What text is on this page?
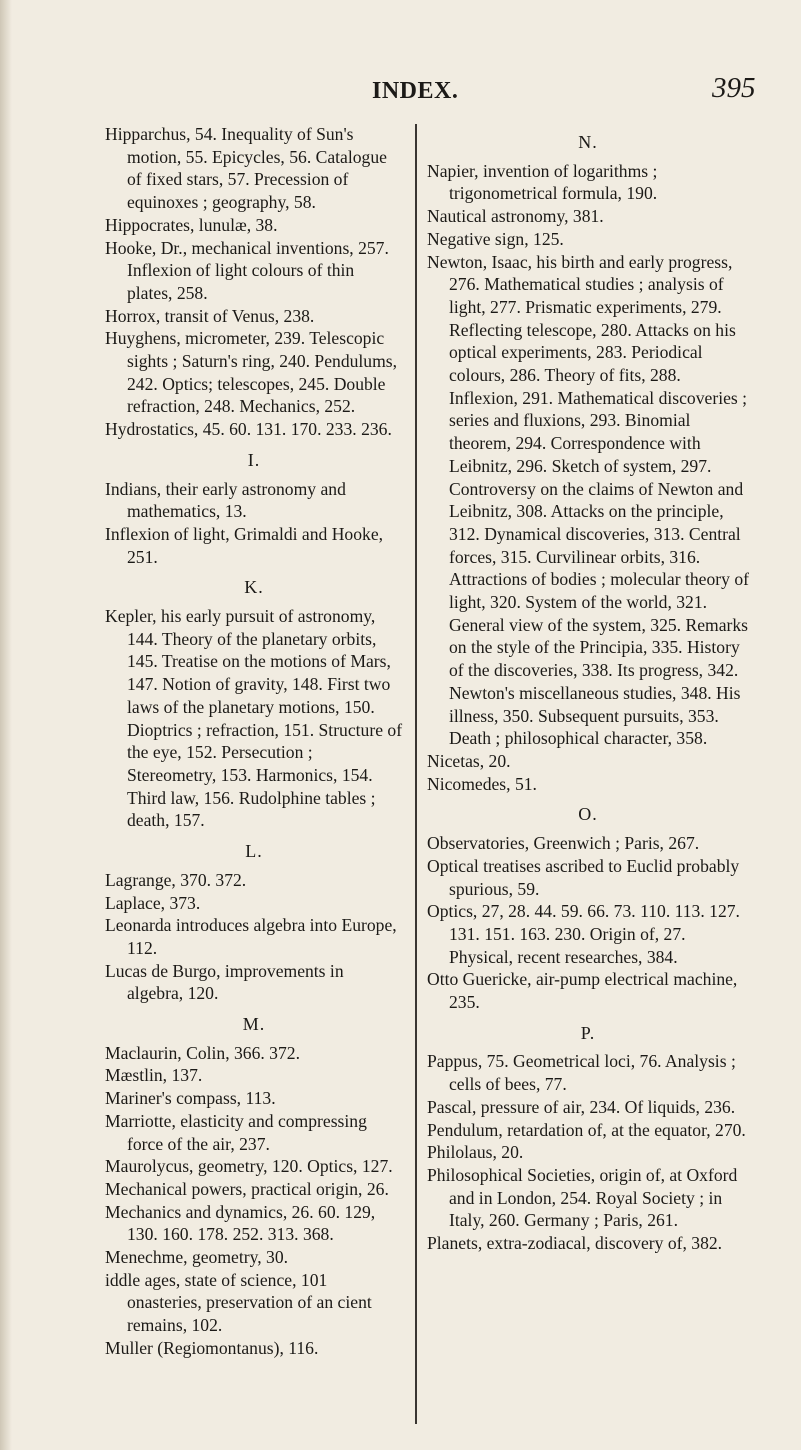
INDEX.	395

Hipparchus, 54. Inequality of Sun's motion, 55. Epicycles, 56. Catalogue of fixed stars, 57. Precession of equinoxes ; geography, 58.

Hippocrates, lunulæ, 38.

Hooke, Dr., mechanical inventions, 257. Inflexion of light colours of thin plates, 258.

Horrox, transit of Venus, 238.

Huyghens, micrometer, 239. Telescopic sights ; Saturn's ring, 240. Pendulums, 242. Optics; telescopes, 245. Double refraction, 248. Mechanics, 252.

Hydrostatics, 45. 60. 131. 170. 233. 236.

I.

Indians, their early astronomy and mathematics, 13.

Inflexion of light, Grimaldi and Hooke, 251.

K.

Kepler, his early pursuit of astronomy, 144. Theory of the planetary orbits, 145. Treatise on the motions of Mars, 147. Notion of gravity, 148. First two laws of the planetary motions, 150. Dioptrics ; refraction, 151. Structure of the eye, 152. Persecution ; Stereometry, 153. Harmonics, 154. Third law, 156. Rudolphine tables ; death, 157.

L.

Lagrange, 370. 372.

Laplace, 373.

Leonarda introduces algebra into Europe, 112.

Lucas de Burgo, improvements in algebra, 120.

M.

Maclaurin, Colin, 366. 372.

Mæstlin, 137.

Mariner's compass, 113.

Marriotte, elasticity and compressing force of the air, 237.

Maurolycus, geometry, 120. Optics, 127.

Mechanical powers, practical origin, 26.

Mechanics and dynamics, 26. 60. 129, 130. 160. 178. 252. 313. 368.

Menechme, geometry, 30.

iddle ages, state of science, 101 onasteries, preservation of an cient remains, 102.

Muller (Regiomontanus), 116.

N.

Napier, invention of logarithms ; trigonometrical formula, 190.

Nautical astronomy, 381.

Negative sign, 125.

Newton, Isaac, his birth and early progress, 276. Mathematical studies ; analysis of light, 277. Prismatic experiments, 279. Reflecting telescope, 280. Attacks on his optical experiments, 283. Periodical colours, 286. Theory of fits, 288. Inflexion, 291. Mathematical discoveries ; series and fluxions, 293. Binomial theorem, 294. Correspondence with Leibnitz, 296. Sketch of system, 297. Controversy on the claims of Newton and Leibnitz, 308. Attacks on the principle, 312. Dynamical discoveries, 313. Central forces, 315. Curvilinear orbits, 316. Attractions of bodies ; molecular theory of light, 320. System of the world, 321. General view of the system, 325. Remarks on the style of the Principia, 335. History of the discoveries, 338. Its progress, 342. Newton's miscellaneous studies, 348. His illness, 350. Subsequent pursuits, 353. Death ; philosophical character, 358.

Nicetas, 20.

Nicomedes, 51.

O.

Observatories, Greenwich ; Paris, 267.

Optical treatises ascribed to Euclid probably spurious, 59.

Optics, 27, 28. 44. 59. 66. 73. 110. 113. 127. 131. 151. 163. 230. Origin of, 27. Physical, recent researches, 384.

Otto Guericke, air-pump electrical machine, 235.

P.

Pappus, 75. Geometrical loci, 76. Analysis ; cells of bees, 77.

Pascal, pressure of air, 234. Of liquids, 236.

Pendulum, retardation of, at the equator, 270.

Philolaus, 20.

Philosophical Societies, origin of, at Oxford and in London, 254. Royal Society ; in Italy, 260. Germany ; Paris, 261.

Planets, extra-zodiacal, discovery of, 382.
